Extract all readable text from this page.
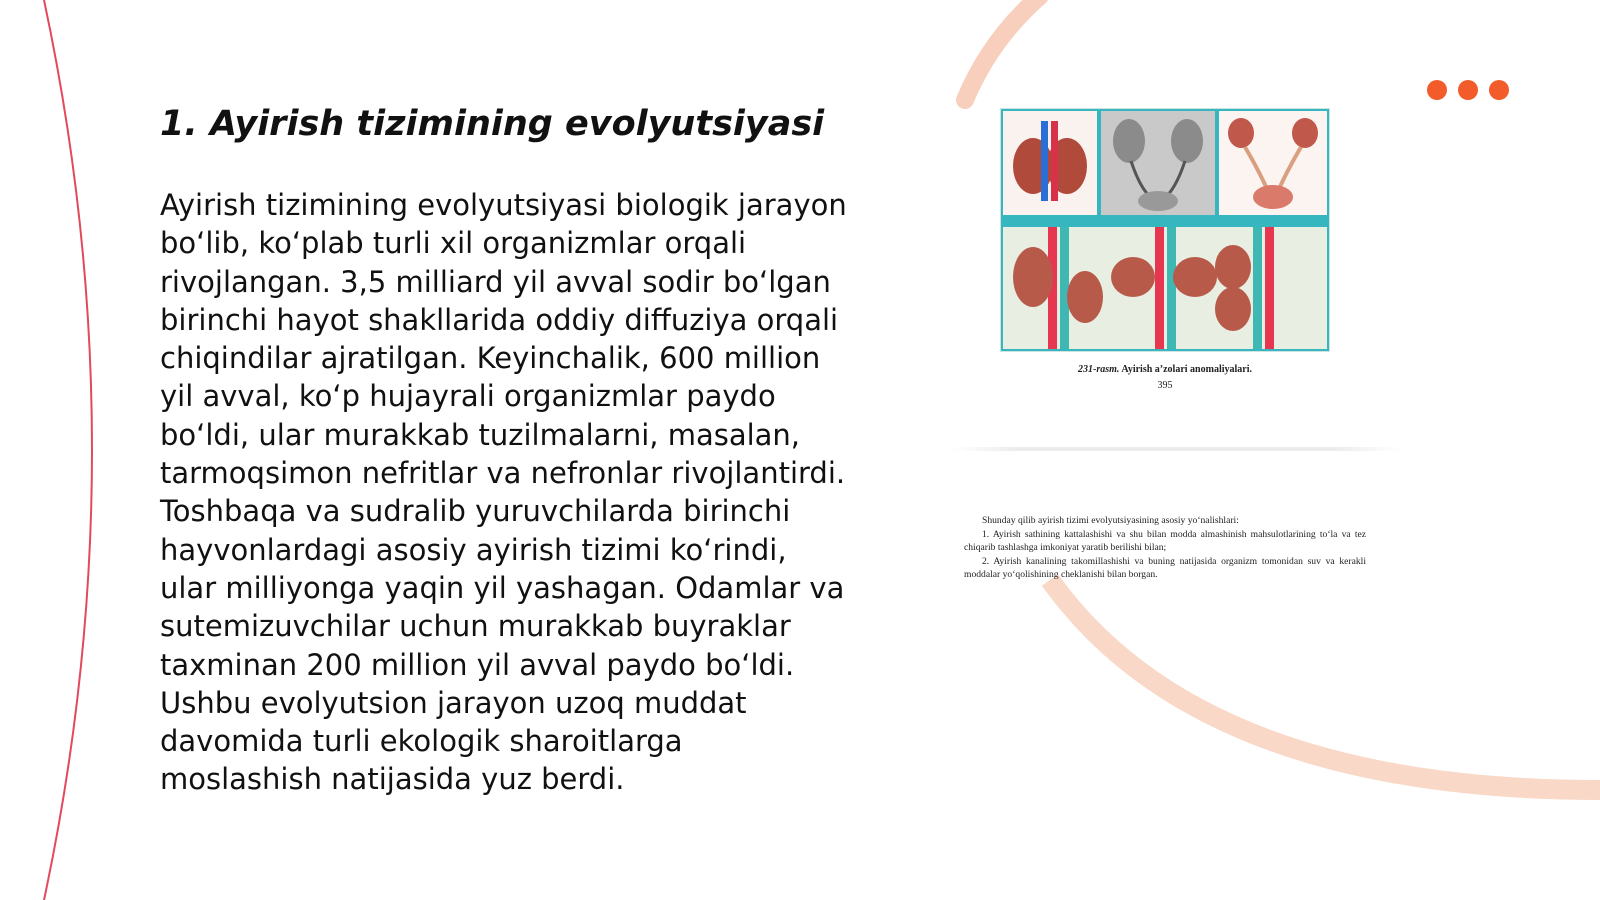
1. Ayirish tizimining evolyutsiyasi

Ayirish tizimining evolyutsiyasi biologik jarayon bo‘lib, ko‘plab turli xil organizmlar orqali rivojlangan. 3,5 milliard yil avval sodir bo‘lgan birinchi hayot shakllarida oddiy diffuziya orqali chiqindilar ajratilgan. Keyinchalik, 600 million yil avval, ko‘p hujayrali organizmlar paydo bo‘ldi, ular murakkab tuzilmalarni, masalan, tarmoqsimon nefritlar va nefronlar rivojlantirdi. Toshbaqa va sudralib yuruvchilarda birinchi hayvonlardagi asosiy ayirish tizimi ko‘rindi, ular milliyonga yaqin yil yashagan. Odamlar va sutemizuvchilar uchun murakkab buyraklar taxminan 200 million yil avval paydo bo‘ldi. Ushbu evolyutsion jarayon uzoq muddat davomida turli ekologik sharoitlarga moslashish natijasida yuz berdi.

231-rasm. Ayirish a’zolari anomaliyalari.
395

Shunday qilib ayirish tizimi evolyutsiyasining asosiy yo‘nalishlari:

1. Ayirish sathining kattalashishi va shu bilan modda almashinish mahsulotlarining to‘la va tez chiqarib tashlashga imkoniyat yaratib berilishi bilan;

2. Ayirish kanalining takomillashishi va buning natijasida organizm tomonidan suv va kerakli moddalar yo‘qolishining cheklanishi bilan borgan.
